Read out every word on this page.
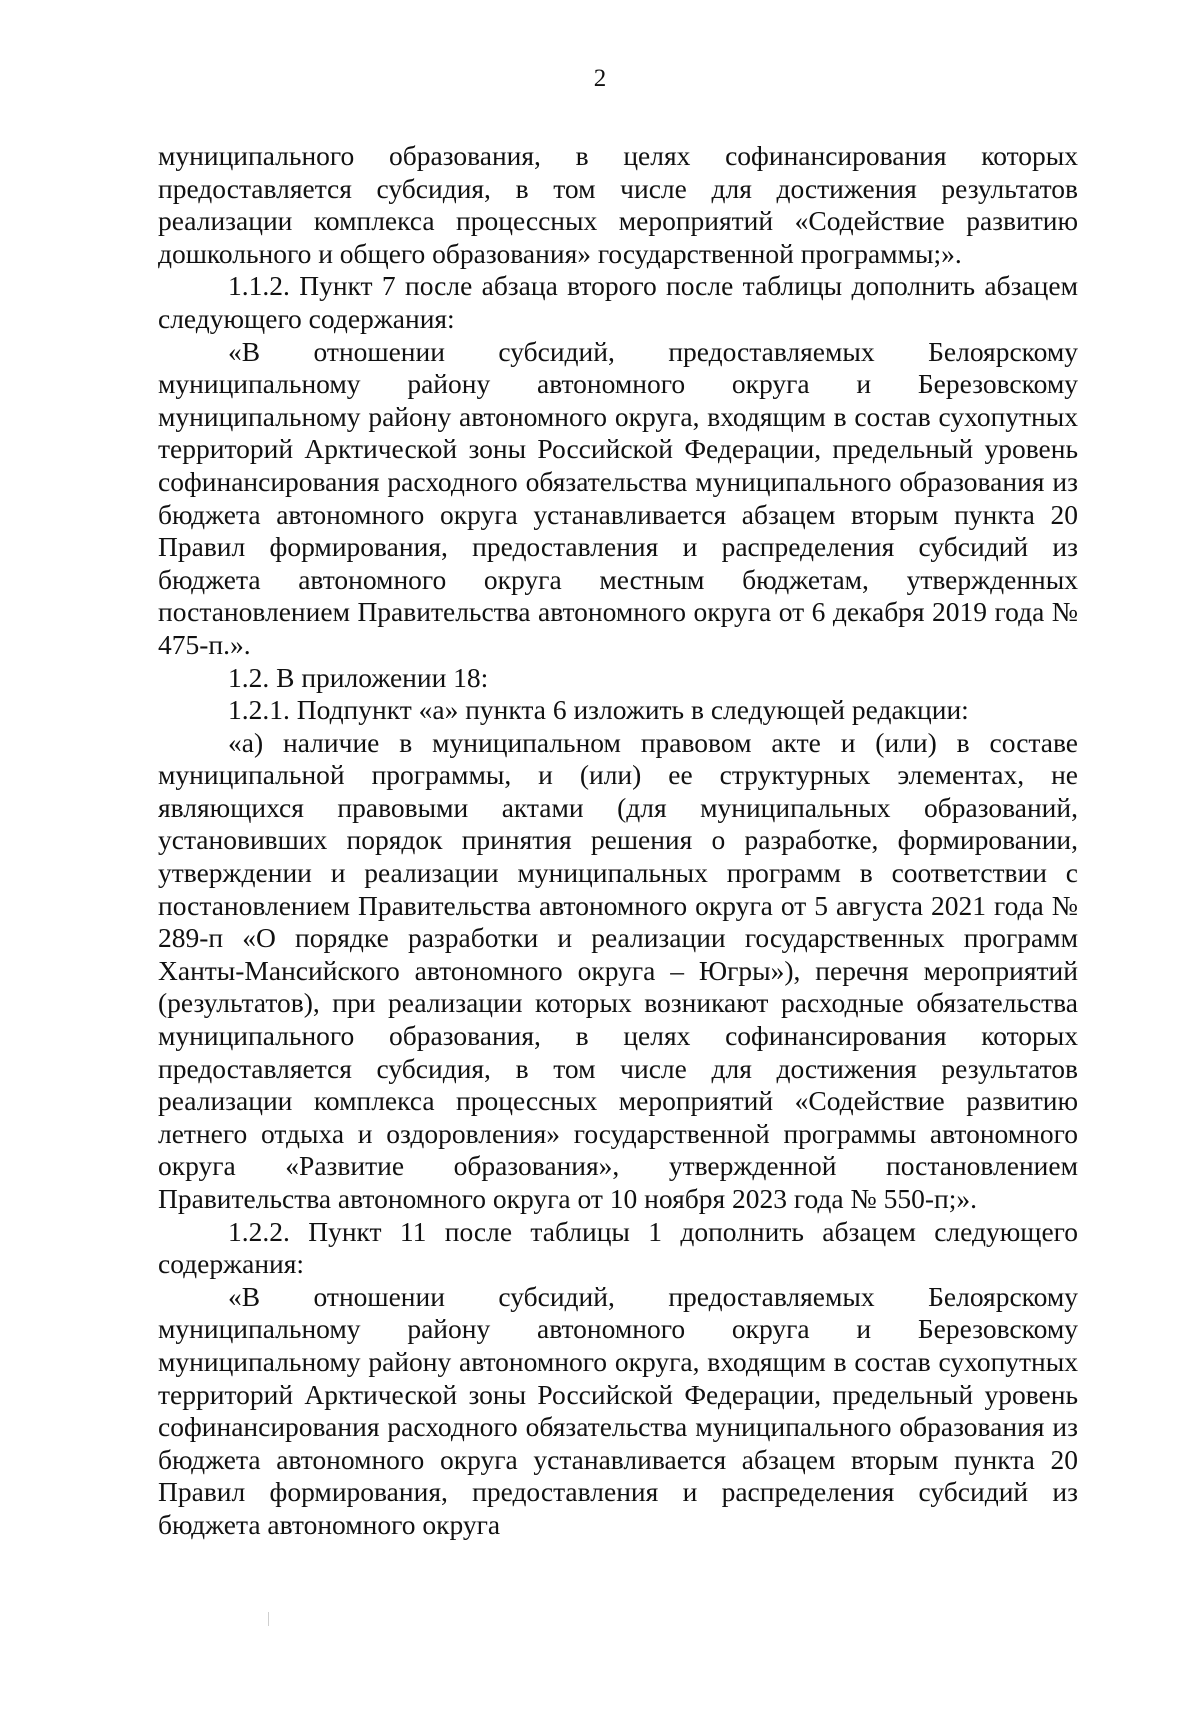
2

муниципального образования, в целях софинансирования которых предоставляется субсидия, в том числе для достижения результатов реализации комплекса процессных мероприятий «Содействие развитию дошкольного и общего образования» государственной программы;».

1.1.2. Пункт 7 после абзаца второго после таблицы дополнить абзацем следующего содержания:

«В отношении субсидий, предоставляемых Белоярскому муниципальному району автономного округа и Березовскому муниципальному району автономного округа, входящим в состав сухопутных территорий Арктической зоны Российской Федерации, предельный уровень софинансирования расходного обязательства муниципального образования из бюджета автономного округа устанавливается абзацем вторым пункта 20 Правил формирования, предоставления и распределения субсидий из бюджета автономного округа местным бюджетам, утвержденных постановлением Правительства автономного округа от 6 декабря 2019 года № 475-п.».

1.2. В приложении 18:

1.2.1. Подпункт «а» пункта 6 изложить в следующей редакции:

«а) наличие в муниципальном правовом акте и (или) в составе муниципальной программы, и (или) ее структурных элементах, не являющихся правовыми актами (для муниципальных образований, установивших порядок принятия решения о разработке, формировании, утверждении и реализации муниципальных программ в соответствии с постановлением Правительства автономного округа от 5 августа 2021 года № 289-п «О порядке разработки и реализации государственных программ Ханты-Мансийского автономного округа – Югры»), перечня мероприятий (результатов), при реализации которых возникают расходные обязательства муниципального образования, в целях софинансирования которых предоставляется субсидия, в том числе для достижения результатов реализации комплекса процессных мероприятий «Содействие развитию летнего отдыха и оздоровления» государственной программы автономного округа «Развитие образования», утвержденной постановлением Правительства автономного округа от 10 ноября 2023 года № 550-п;».

1.2.2. Пункт 11 после таблицы 1 дополнить абзацем следующего содержания:

«В отношении субсидий, предоставляемых Белоярскому муниципальному району автономного округа и Березовскому муниципальному району автономного округа, входящим в состав сухопутных территорий Арктической зоны Российской Федерации, предельный уровень софинансирования расходного обязательства муниципального образования из бюджета автономного округа устанавливается абзацем вторым пункта 20 Правил формирования, предоставления и распределения субсидий из бюджета автономного округа
